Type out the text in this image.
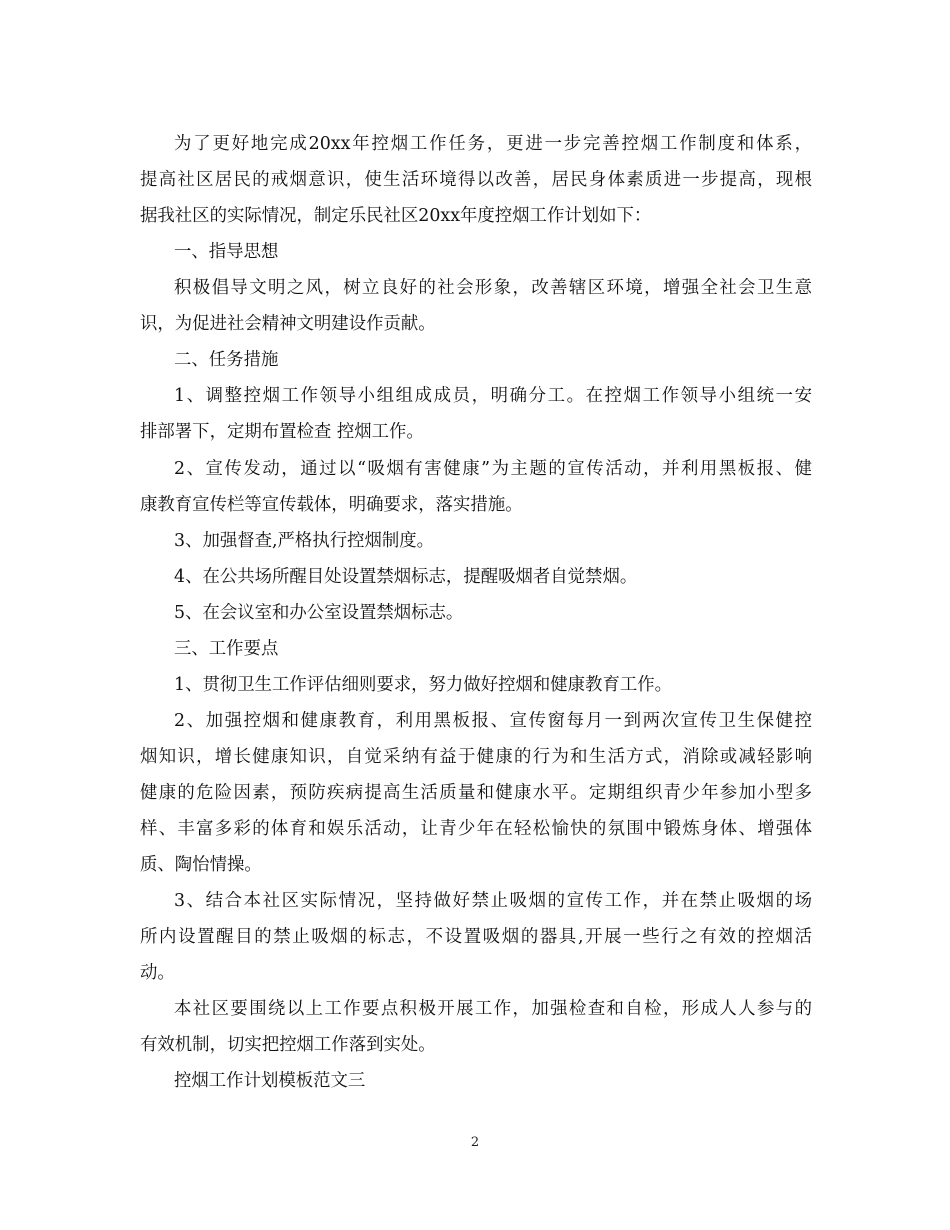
为了更好地完成20xx年控烟工作任务，更进一步完善控烟工作制度和体系，
提高社区居民的戒烟意识，使生活环境得以改善，居民身体素质进一步提高，现根
据我社区的实际情况，制定乐民社区20xx年度控烟工作计划如下：
一、指导思想
积极倡导文明之风，树立良好的社会形象，改善辖区环境，增强全社会卫生意
识，为促进社会精神文明建设作贡献。
二、任务措施
1、调整控烟工作领导小组组成成员，明确分工。在控烟工作领导小组统一安
排部署下，定期布置检查 控烟工作。
2、宣传发动，通过以“吸烟有害健康”为主题的宣传活动，并利用黑板报、健
康教育宣传栏等宣传载体，明确要求，落实措施。
3、加强督查,严格执行控烟制度。
4、在公共场所醒目处设置禁烟标志，提醒吸烟者自觉禁烟。
5、在会议室和办公室设置禁烟标志。
三、工作要点
1、贯彻卫生工作评估细则要求，努力做好控烟和健康教育工作。
2、加强控烟和健康教育，利用黑板报、宣传窗每月一到两次宣传卫生保健控
烟知识，增长健康知识，自觉采纳有益于健康的行为和生活方式，消除或减轻影响
健康的危险因素，预防疾病提高生活质量和健康水平。定期组织青少年参加小型多
样、丰富多彩的体育和娱乐活动，让青少年在轻松愉快的氛围中锻炼身体、增强体
质、陶怡情操。
3、结合本社区实际情况，坚持做好禁止吸烟的宣传工作，并在禁止吸烟的场
所内设置醒目的禁止吸烟的标志，不设置吸烟的器具,开展一些行之有效的控烟活
动。
本社区要围绕以上工作要点积极开展工作，加强检查和自检，形成人人参与的
有效机制，切实把控烟工作落到实处。
控烟工作计划模板范文三
2
